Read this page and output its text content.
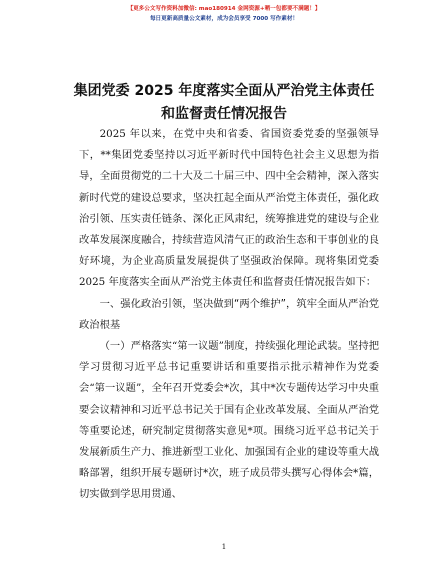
【更多公文写作资料加微信: mao180914 金网资源+晒一包都要不满题！】
每日更新高质量公文素材，成为会员享受 7000 写作素材！
集团党委 2025 年度落实全面从严治党主体责任
和监督责任情况报告

2025 年以来，在党中央和省委、省国资委党委的坚强领导下，**集团党委坚持以习近平新时代中国特色社会主义思想为指导，全面贯彻党的二十大及二十届三中、四中全会精神，深入落实新时代党的建设总要求，坚决扛起全面从严治党主体责任，强化政治引领、压实责任链条、深化正风肃纪，统筹推进党的建设与企业改革发展深度融合，持续营造风清气正的政治生态和干事创业的良好环境，为企业高质量发展提供了坚强政治保障。现将集团党委 2025 年度落实全面从严治党主体责任和监督责任情况报告如下：

一、强化政治引领，坚决做到“两个维护”，筑牢全面从严治党政治根基

（一）严格落实“第一议题”制度，持续强化理论武装。坚持把学习贯彻习近平总书记重要讲话和重要指示批示精神作为党委会“第一议题”，全年召开党委会*次，其中*次专题传达学习中央重要会议精神和习近平总书记关于国有企业改革发展、全面从严治党等重要论述，研究制定贯彻落实意见*项。围绕习近平总书记关于发展新质生产力、推进新型工业化、加强国有企业的建设等重大战略部署，组织开展专题研讨*次，班子成员带头撰写心得体会*篇，切实做到学思用贯通、

1
